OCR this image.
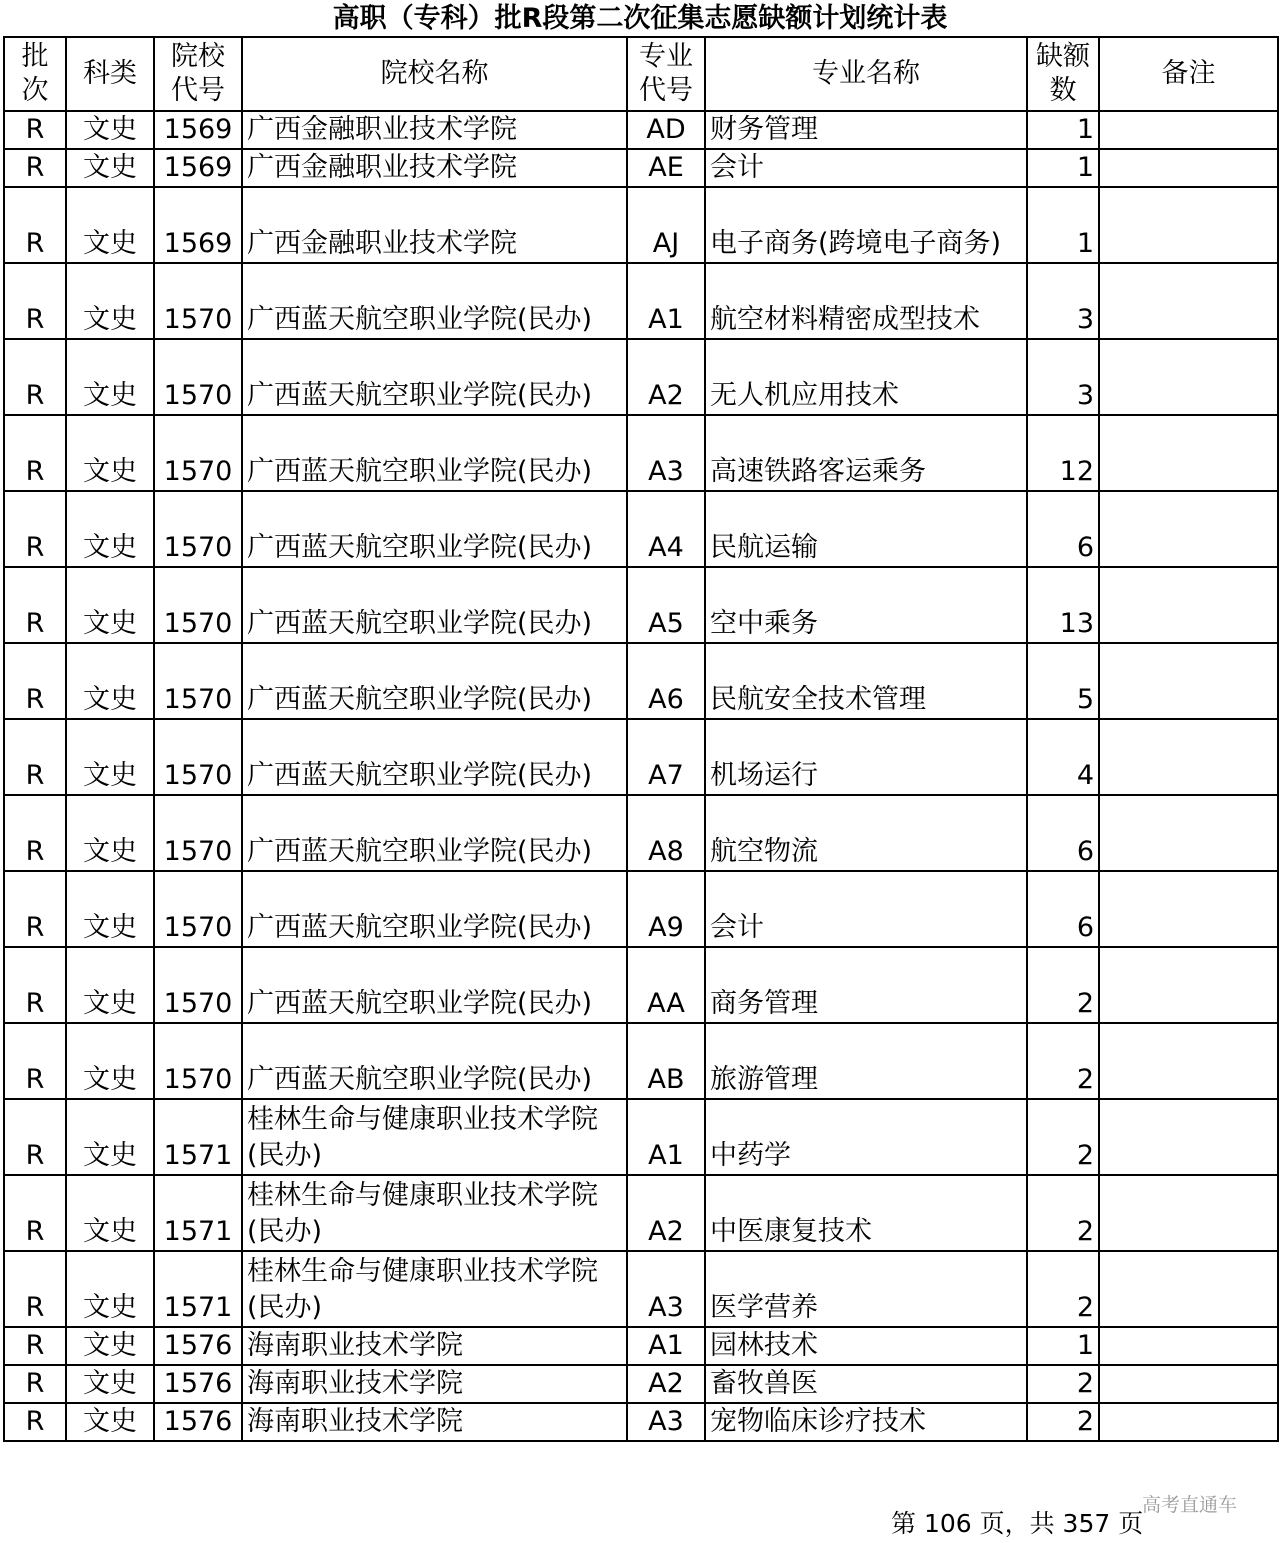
高职（专科）批R段第二次征集志愿缺额计划统计表
批次	科类	院校代号	院校名称	专业代号	专业名称	缺额数	备注
R	文史	1569	广西金融职业技术学院	AD	财务管理	1	
R	文史	1569	广西金融职业技术学院	AE	会计	1	
R	文史	1569	广西金融职业技术学院	AJ	电子商务(跨境电子商务)	1	
R	文史	1570	广西蓝天航空职业学院(民办)	A1	航空材料精密成型技术	3	
R	文史	1570	广西蓝天航空职业学院(民办)	A2	无人机应用技术	3	
R	文史	1570	广西蓝天航空职业学院(民办)	A3	高速铁路客运乘务	12	
R	文史	1570	广西蓝天航空职业学院(民办)	A4	民航运输	6	
R	文史	1570	广西蓝天航空职业学院(民办)	A5	空中乘务	13	
R	文史	1570	广西蓝天航空职业学院(民办)	A6	民航安全技术管理	5	
R	文史	1570	广西蓝天航空职业学院(民办)	A7	机场运行	4	
R	文史	1570	广西蓝天航空职业学院(民办)	A8	航空物流	6	
R	文史	1570	广西蓝天航空职业学院(民办)	A9	会计	6	
R	文史	1570	广西蓝天航空职业学院(民办)	AA	商务管理	2	
R	文史	1570	广西蓝天航空职业学院(民办)	AB	旅游管理	2	
R	文史	1571	桂林生命与健康职业技术学院(民办)	A1	中药学	2	
R	文史	1571	桂林生命与健康职业技术学院(民办)	A2	中医康复技术	2	
R	文史	1571	桂林生命与健康职业技术学院(民办)	A3	医学营养	2	
R	文史	1576	海南职业技术学院	A1	园林技术	1	
R	文史	1576	海南职业技术学院	A2	畜牧兽医	2	
R	文史	1576	海南职业技术学院	A3	宠物临床诊疗技术	2	
高考直通车
第 106 页，共 357 页
